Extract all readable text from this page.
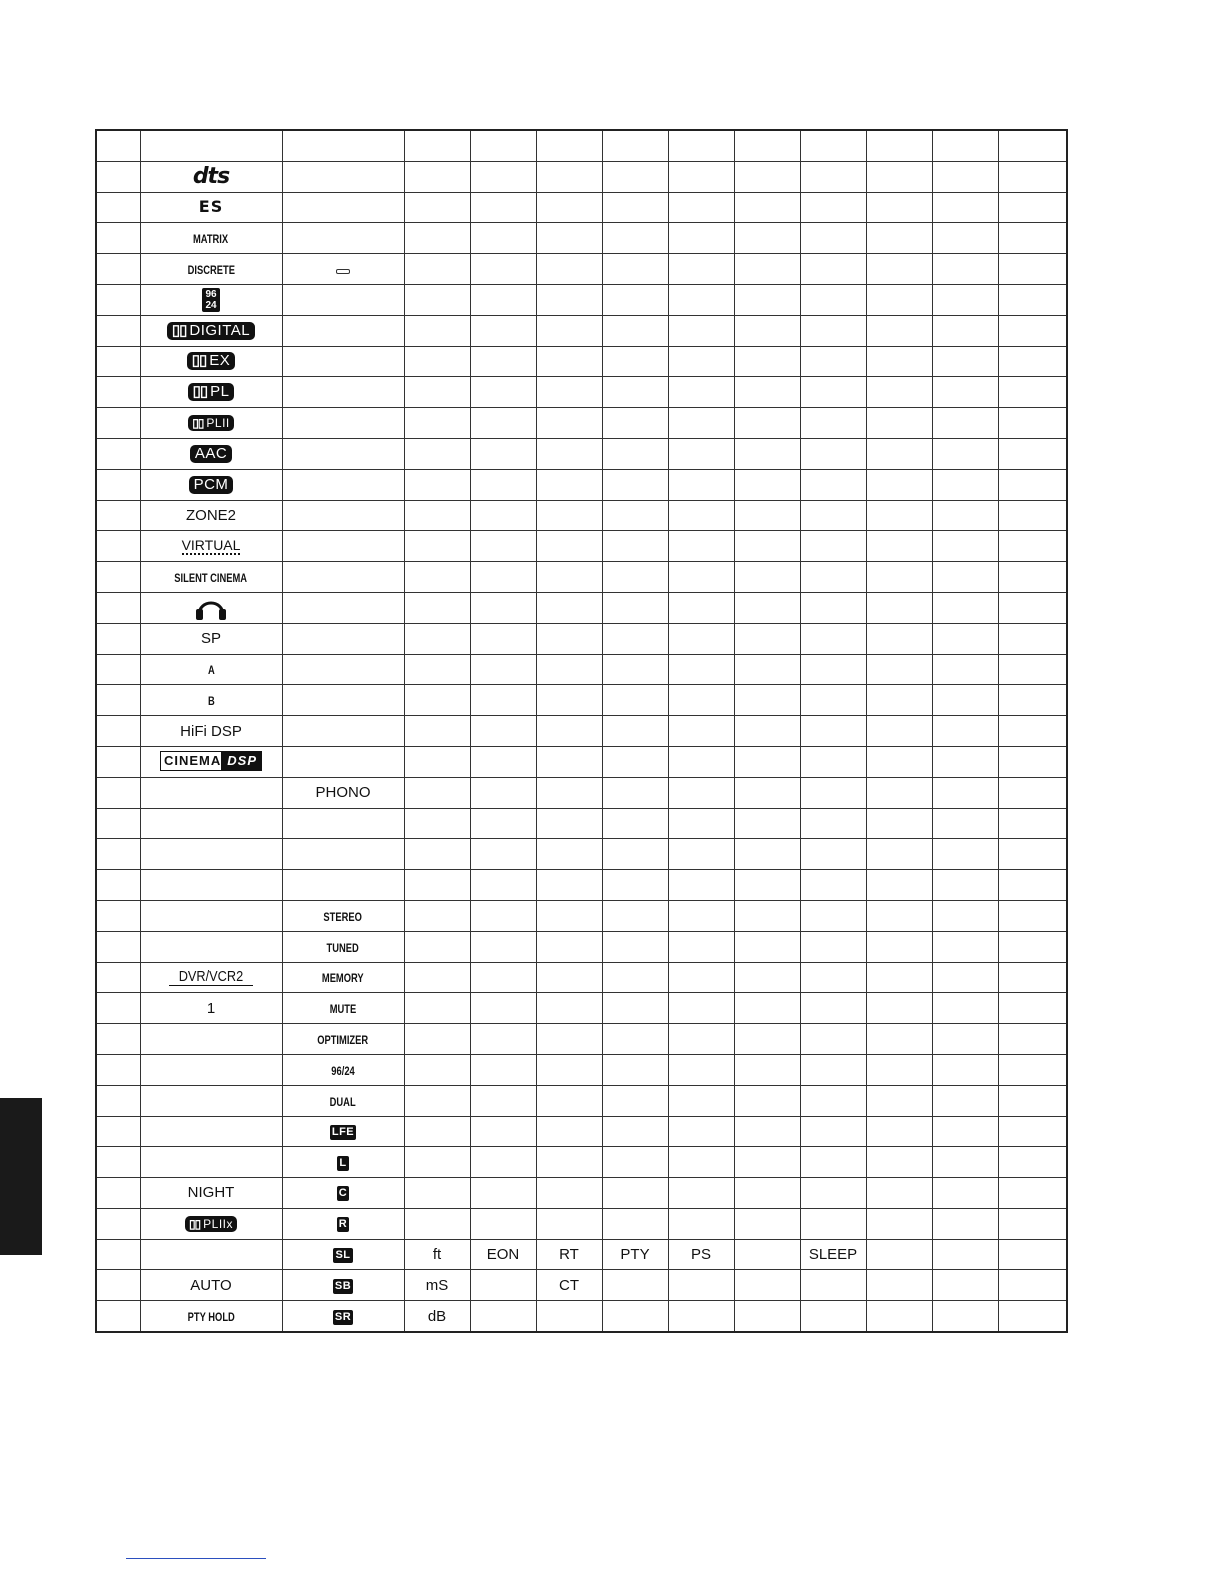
	dts											
	ES											
	MATRIX											
	DISCRETE											
	96
24											
	▯▯ DIGITAL											
	▯▯ EX											
	▯▯ PL											
	▯▯ PLII											
	AAC											
	PCM											
	ZONE2											
	VIRTUAL											
	SILENT CINEMA											

	SP											
	A											
	B											
	HiFi DSP											
	CINEMA DSP											
		PHONO										

		STEREO										
		TUNED										
	DVR/VCR2	MEMORY										
	1	MUTE										
		OPTIMIZER										
		96/24										
		DUAL										
		LFE										
		L										
	NIGHT	C										
	▯▯ PLIIx	R										
		SL	ft	EON	RT	PTY	PS		SLEEP			
	AUTO	SB	mS		CT							
	PTY HOLD	SR	dB									
